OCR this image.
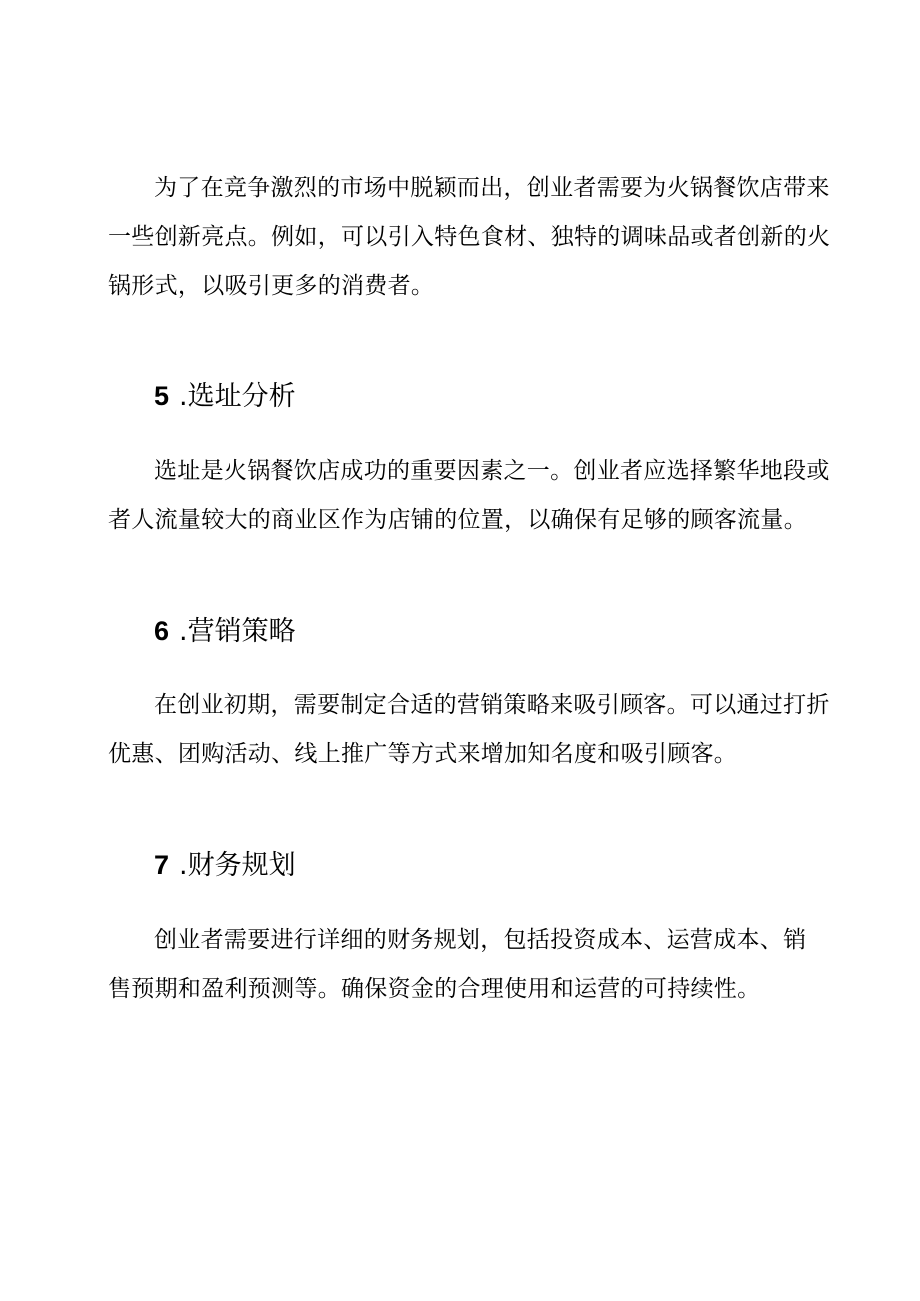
为了在竞争激烈的市场中脱颖而出，创业者需要为火锅餐饮店带来
一些创新亮点。例如，可以引入特色食材、独特的调味品或者创新的火
锅形式，以吸引更多的消费者。

5 .选址分析

选址是火锅餐饮店成功的重要因素之一。创业者应选择繁华地段或
者人流量较大的商业区作为店铺的位置，以确保有足够的顾客流量。

6 .营销策略

在创业初期，需要制定合适的营销策略来吸引顾客。可以通过打折
优惠、团购活动、线上推广等方式来增加知名度和吸引顾客。

7 .财务规划

创业者需要进行详细的财务规划，包括投资成本、运营成本、销
售预期和盈利预测等。确保资金的合理使用和运营的可持续性。
